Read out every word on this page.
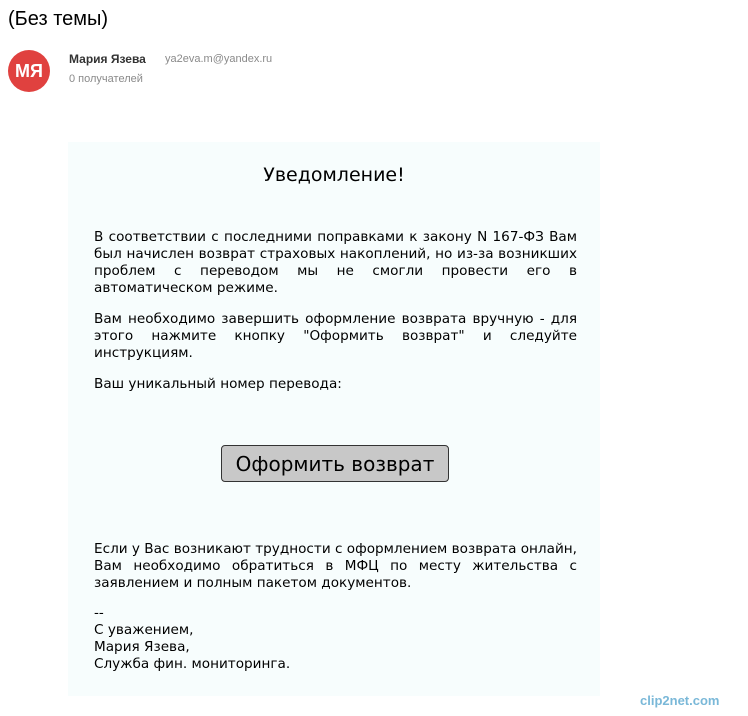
(Без темы)
МЯ
Мария Язева ya2eva.m@yandex.ru
0 получателей
Уведомление!

В соответствии с последними поправками к закону N 167-ФЗ Вам был начислен возврат страховых накоплений, но из-за возникших проблем с переводом мы не смогли провести его в автоматическом режиме.

Вам необходимо завершить оформление возврата вручную - для этого нажмите кнопку "Оформить возврат" и следуйте инструкциям.

Ваш уникальный номер перевода:

Оформить возврат

Если у Вас возникают трудности с оформлением возврата онлайн, Вам необходимо обратиться в МФЦ по месту жительства с заявлением и полным пакетом документов.

--
С уважением,
Мария Язева,
Служба фин. мониторинга.
clip2net.com
